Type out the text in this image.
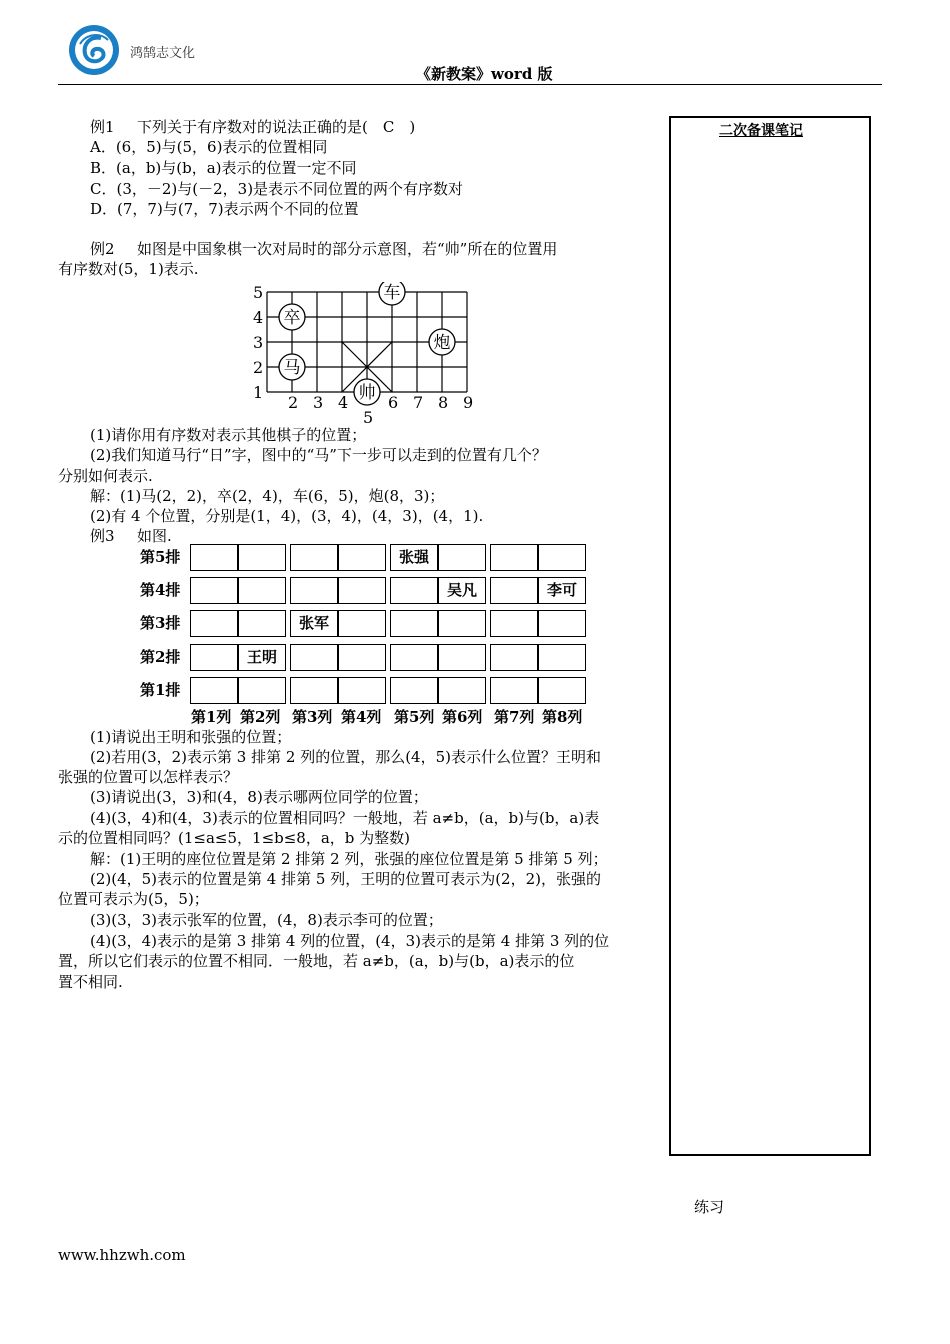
鸿鹄志文化
《新教案》word 版
二次备课笔记
例1 下列关于有序数对的说法正确的是(　C　)
A．(6，5)与(5，6)表示的位置相同
B．(a，b)与(b，a)表示的位置一定不同
C．(3，－2)与(－2，3)是表示不同位置的两个有序数对
D．(7，7)与(7，7)表示两个不同的位置
例2 如图是中国象棋一次对局时的部分示意图，若“帅”所在的位置用
有序数对(5，1)表示.
5
4
3
2
1
2 3 4
5
6 7 8 9
车
卒
炮
马
帅
(1)请你用有序数对表示其他棋子的位置；
(2)我们知道马行“日”字，图中的“马”下一步可以走到的位置有几个？
分别如何表示.
解：(1)马(2，2)，卒(2，4)，车(6，5)，炮(8，3)；
(2)有 4 个位置，分别是(1，4)，(3，4)，(4，3)，(4，1).
例3 如图.
第5排
第4排
第3排
第2排
第1排
张强
吴凡	李可
张军
王明
第1列 第2列 第3列 第4列 第5列 第6列 第7列 第8列
(1)请说出王明和张强的位置；
(2)若用(3，2)表示第 3 排第 2 列的位置，那么(4，5)表示什么位置？王明和
张强的位置可以怎样表示？
(3)请说出(3，3)和(4，8)表示哪两位同学的位置；
(4)(3，4)和(4，3)表示的位置相同吗？一般地，若 a≠b，(a，b)与(b，a)表
示的位置相同吗？(1≤a≤5，1≤b≤8，a，b 为整数)
解：(1)王明的座位位置是第 2 排第 2 列，张强的座位位置是第 5 排第 5 列；
(2)(4，5)表示的位置是第 4 排第 5 列，王明的位置可表示为(2，2)，张强的
位置可表示为(5，5)；
(3)(3，3)表示张军的位置，(4，8)表示李可的位置；
(4)(3，4)表示的是第 3 排第 4 列的位置，(4，3)表示的是第 4 排第 3 列的位
置，所以它们表示的位置不相同．一般地，若 a≠b，(a，b)与(b，a)表示的位
置不相同.
练习
www.hhzwh.com
